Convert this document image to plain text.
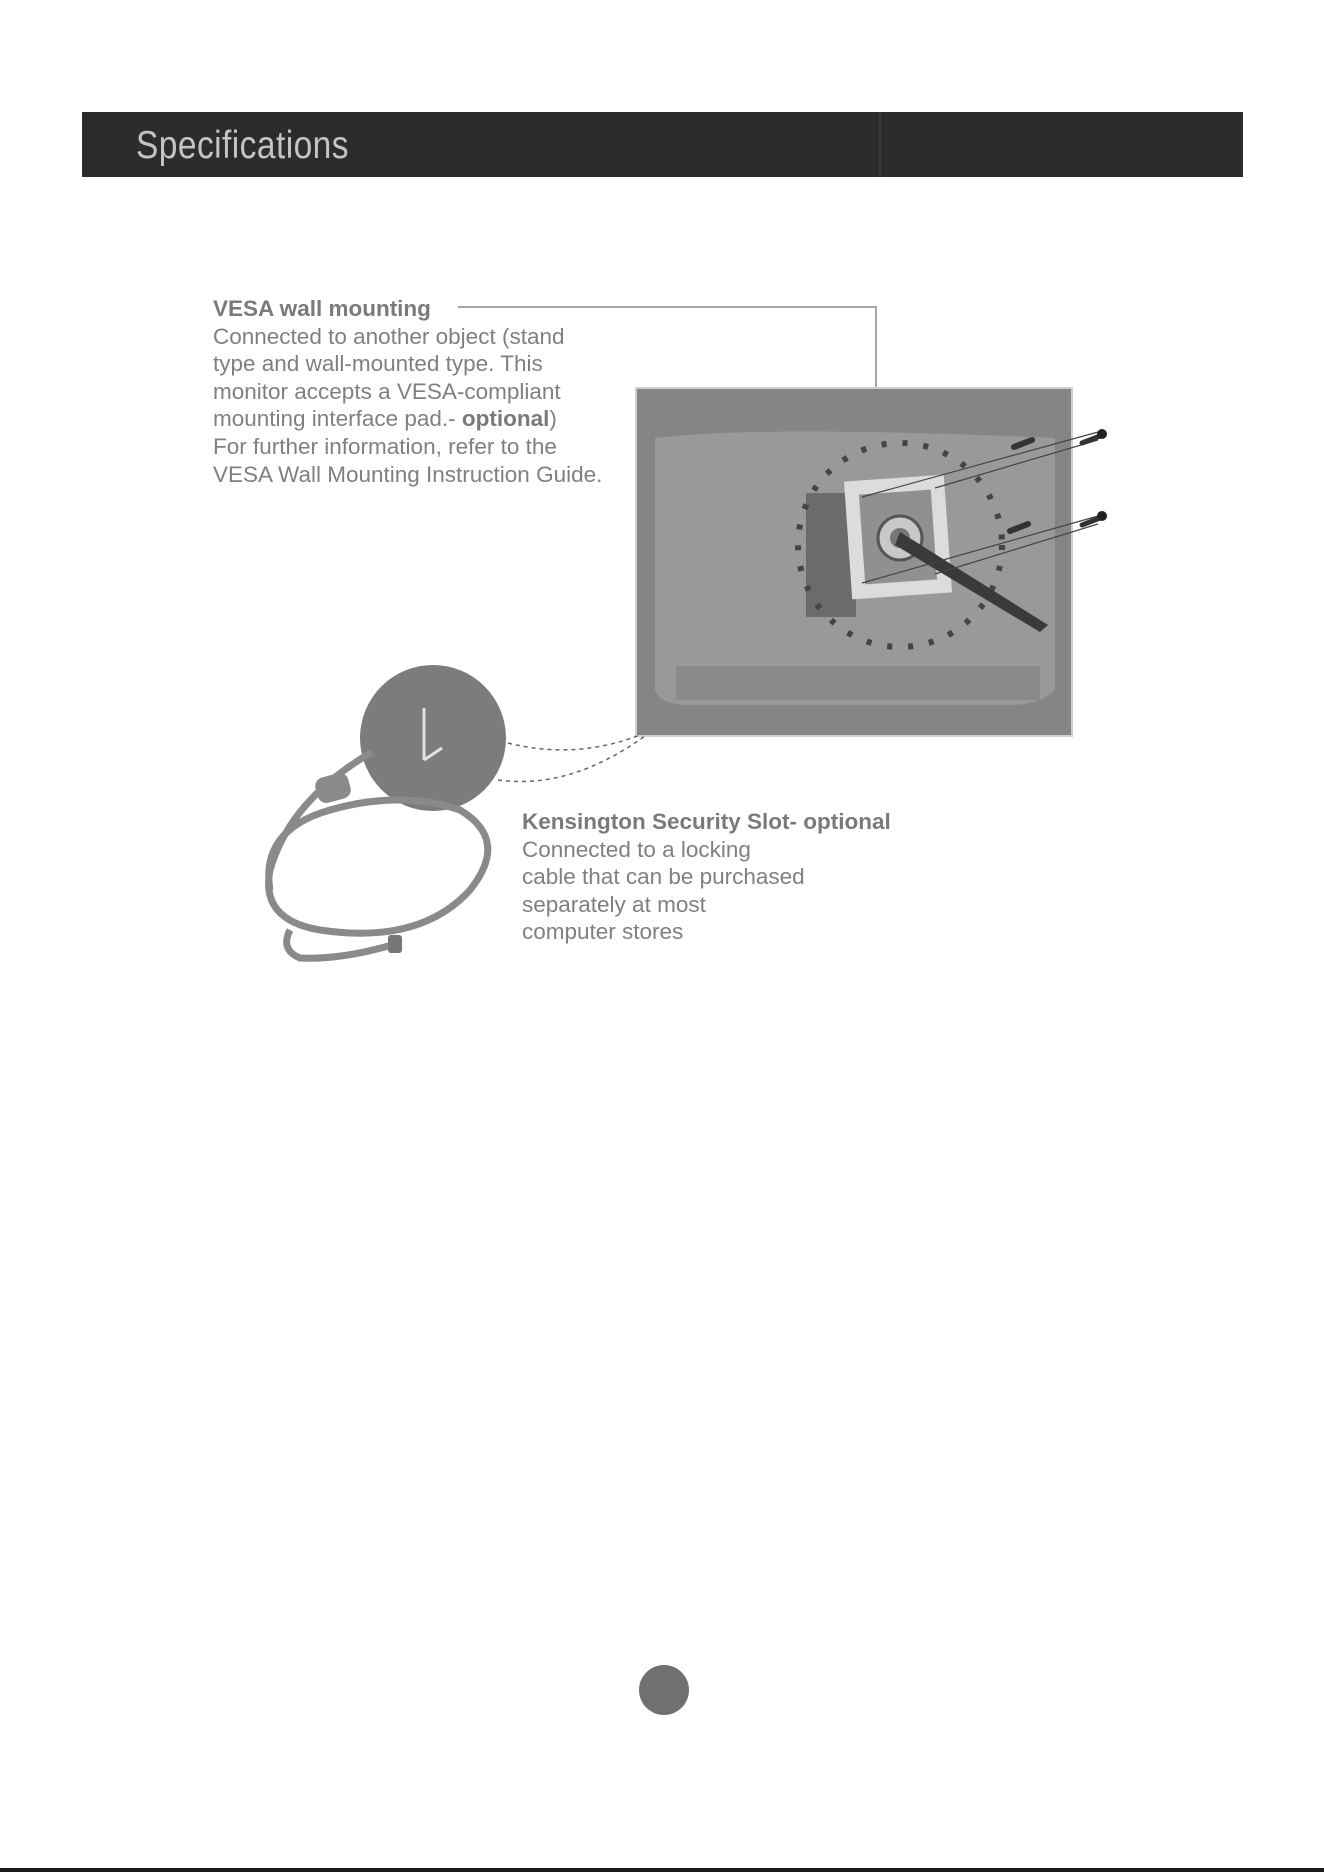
Specifications
VESA wall mounting
Connected to another object (stand
type and wall-mounted type. This
monitor accepts a VESA-compliant
mounting interface pad.- optional)
For further information, refer to the
VESA Wall Mounting Instruction Guide.
Kensington Security Slot- optional
Connected to a locking
cable that can be purchased
separately at most
computer stores
